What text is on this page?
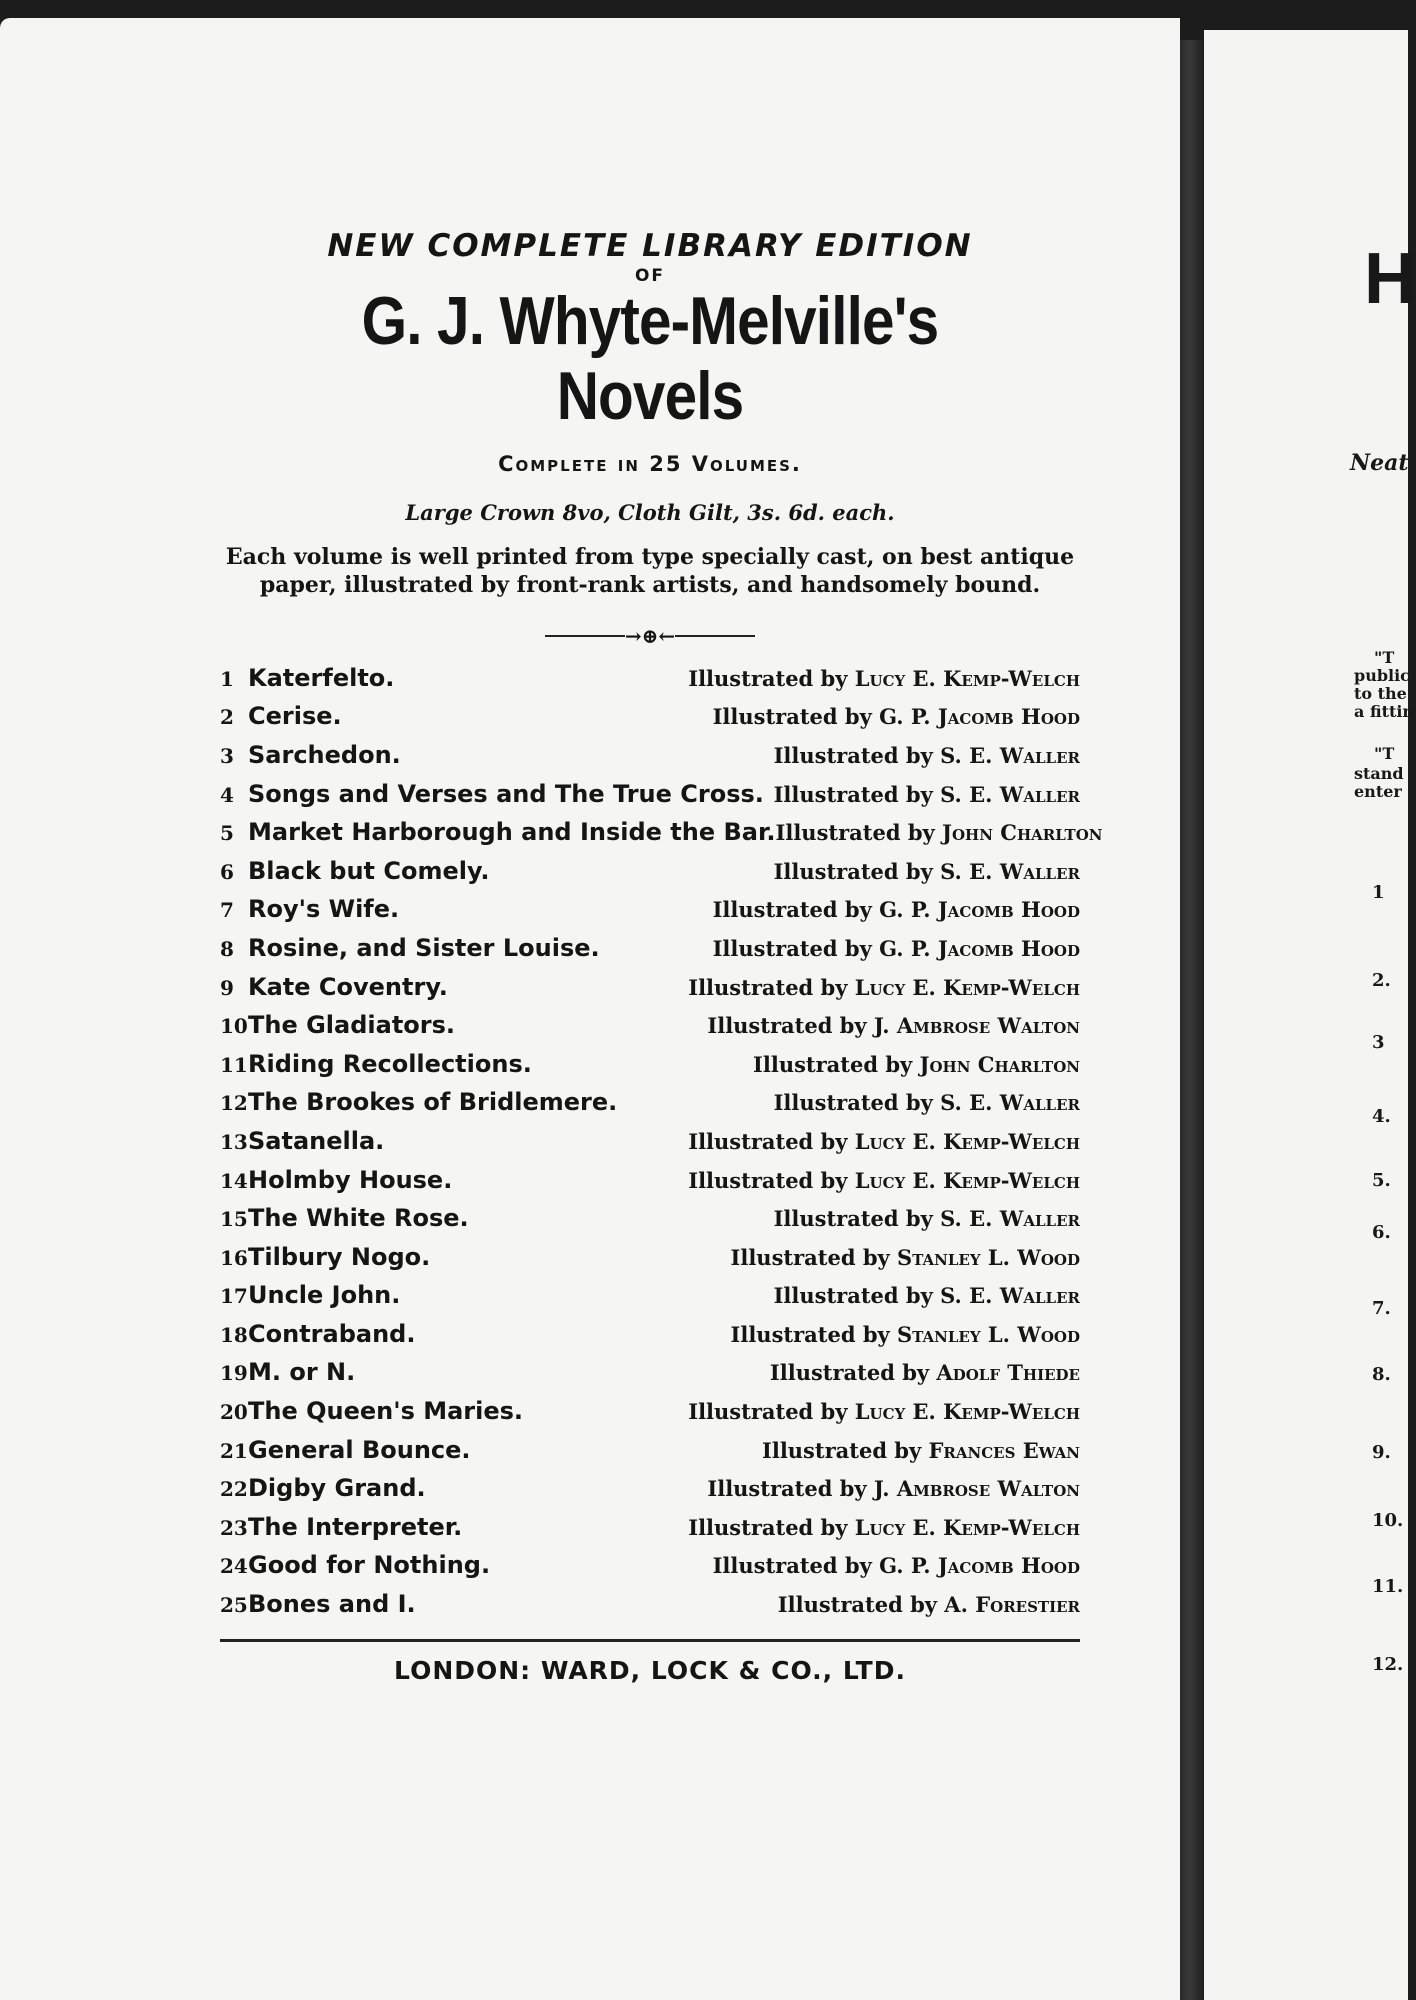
NEW COMPLETE LIBRARY EDITION

OF

G. J. Whyte-Melville's Novels

Complete in 25 Volumes.

Large Crown 8vo, Cloth Gilt, 3s. 6d. each.

Each volume is well printed from type specially cast, on best antique paper, illustrated by front-rank artists, and handsomely bound.

→⊕←
1 Katerfelto.	Illustrated by Lucy E. Kemp-Welch
2 Cerise.	Illustrated by G. P. Jacomb Hood
3 Sarchedon.	Illustrated by S. E. Waller
4 Songs and Verses and The True Cross. Illustrated by S. E. Waller
5 Market Harborough and Inside the Bar. Illustrated by John Charlton
6 Black but Comely.	Illustrated by S. E. Waller
7 Roy's Wife.	Illustrated by G. P. Jacomb Hood
8 Rosine, and Sister Louise.	Illustrated by G. P. Jacomb Hood
9 Kate Coventry.	Illustrated by Lucy E. Kemp-Welch
10 The Gladiators.	Illustrated by J. Ambrose Walton
11 Riding Recollections.	Illustrated by John Charlton
12 The Brookes of Bridlemere.	Illustrated by S. E. Waller
13 Satanella.	Illustrated by Lucy E. Kemp-Welch
14 Holmby House.	Illustrated by Lucy E. Kemp-Welch
15 The White Rose.	Illustrated by S. E. Waller
16 Tilbury Nogo.	Illustrated by Stanley L. Wood
17 Uncle John.	Illustrated by S. E. Waller
18 Contraband.	Illustrated by Stanley L. Wood
19 M. or N.	Illustrated by Adolf Thiede
20 The Queen's Maries.	Illustrated by Lucy E. Kemp-Welch
21 General Bounce.	Illustrated by Frances Ewan
22 Digby Grand.	Illustrated by J. Ambrose Walton
23 The Interpreter.	Illustrated by Lucy E. Kemp-Welch
24 Good for Nothing.	Illustrated by G. P. Jacomb Hood
25 Bones and I.	Illustrated by A. Forestier

LONDON: WARD, LOCK & CO., LTD.

H
Neat
"T
public
to the
a fittin
"T
stand
enter
1
2.
3
4.
5.
6.
7.
8.
9.
10.
11.
12.
